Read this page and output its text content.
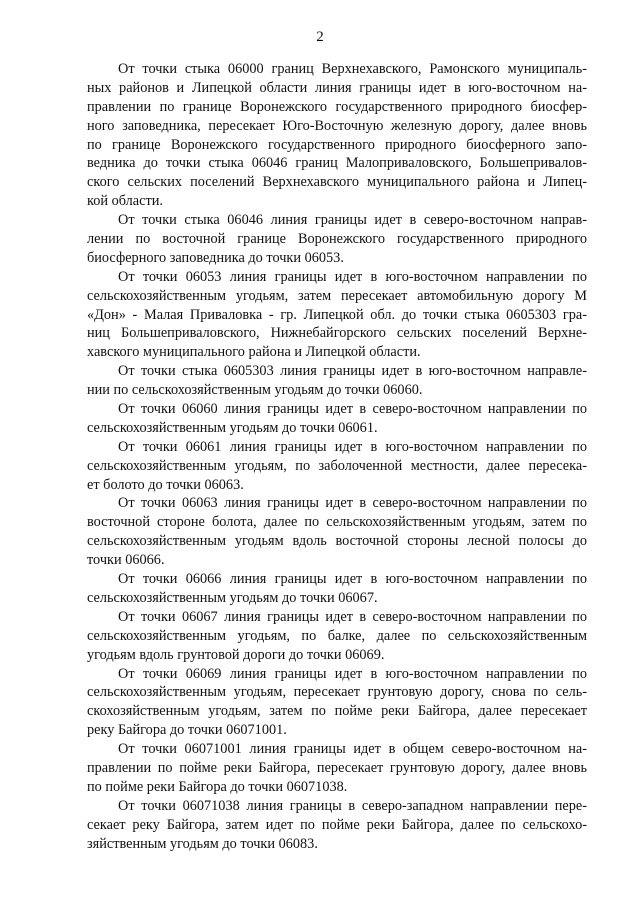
2
От точки стыка 06000 границ Верхнехавского, Рамонского муниципаль-
ных районов и Липецкой области линия границы идет в юго-восточном на-
правлении по границе Воронежского государственного природного биосфер-
ного заповедника, пересекает Юго-Восточную железную дорогу, далее вновь
по границе Воронежского государственного природного биосферного запо-
ведника до точки стыка 06046 границ Малоприваловского, Большепривалов-
ского сельских поселений Верхнехавского муниципального района и Липец-
кой области.
От точки стыка 06046 линия границы идет в северо-восточном направ-
лении по восточной границе Воронежского государственного природного
биосферного заповедника до точки 06053.
От точки 06053 линия границы идет в юго-восточном направлении по
сельскохозяйственным угодьям, затем пересекает автомобильную дорогу М
«Дон» - Малая Приваловка - гр. Липецкой обл. до точки стыка 0605303 гра-
ниц Большеприваловского, Нижнебайгорского сельских поселений Верхне-
хавского муниципального района и Липецкой области.
От точки стыка 0605303 линия границы идет в юго-восточном направле-
нии по сельскохозяйственным угодьям до точки 06060.
От точки 06060 линия границы идет в северо-восточном направлении по
сельскохозяйственным угодьям до точки 06061.
От точки 06061 линия границы идет в юго-восточном направлении по
сельскохозяйственным угодьям, по заболоченной местности, далее пересека-
ет болото до точки 06063.
От точки 06063 линия границы идет в северо-восточном направлении по
восточной стороне болота, далее по сельскохозяйственным угодьям, затем по
сельскохозяйственным угодьям вдоль восточной стороны лесной полосы до
точки 06066.
От точки 06066 линия границы идет в юго-восточном направлении по
сельскохозяйственным угодьям до точки 06067.
От точки 06067 линия границы идет в северо-восточном направлении по
сельскохозяйственным угодьям, по балке, далее по сельскохозяйственным
угодьям вдоль грунтовой дороги до точки 06069.
От точки 06069 линия границы идет в юго-восточном направлении по
сельскохозяйственным угодьям, пересекает грунтовую дорогу, снова по сель-
скохозяйственным угодьям, затем по пойме реки Байгора, далее пересекает
реку Байгора до точки 06071001.
От точки 06071001 линия границы идет в общем северо-восточном на-
правлении по пойме реки Байгора, пересекает грунтовую дорогу, далее вновь
по пойме реки Байгора до точки 06071038.
От точки 06071038 линия границы в северо-западном направлении пере-
секает реку Байгора, затем идет по пойме реки Байгора, далее по сельскохо-
зяйственным угодьям до точки 06083.
